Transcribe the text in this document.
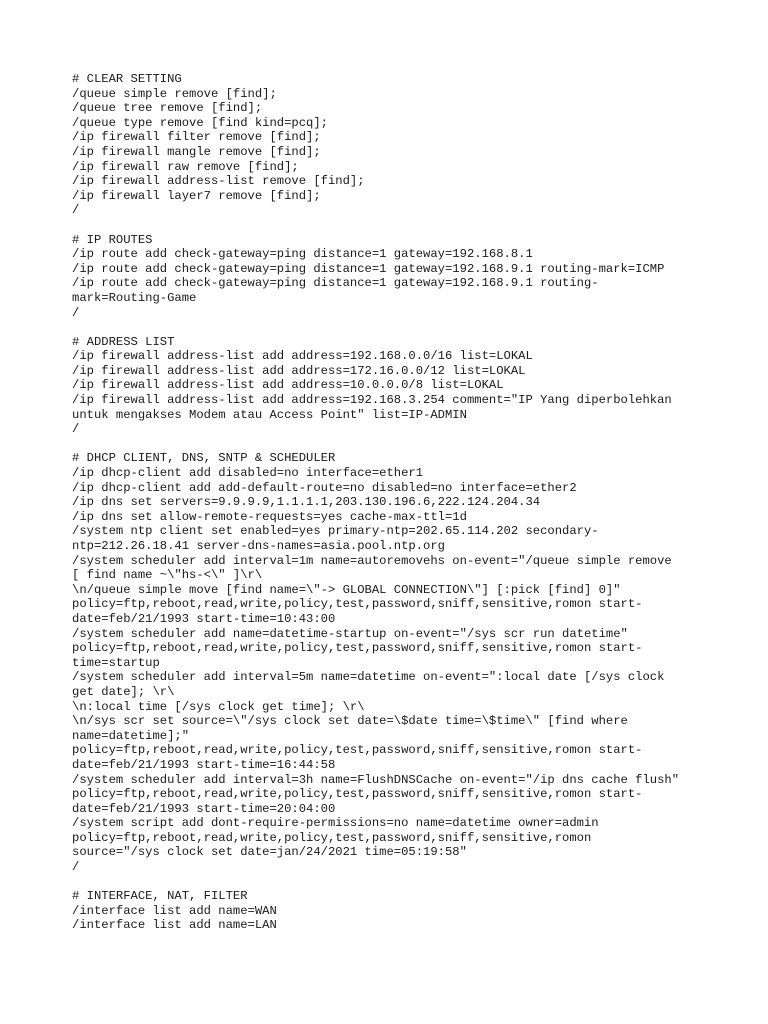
# CLEAR SETTING
/queue simple remove [find];
/queue tree remove [find];
/queue type remove [find kind=pcq];
/ip firewall filter remove [find];
/ip firewall mangle remove [find];
/ip firewall raw remove [find];
/ip firewall address-list remove [find];
/ip firewall layer7 remove [find];
/
# IP ROUTES
/ip route add check-gateway=ping distance=1 gateway=192.168.8.1
/ip route add check-gateway=ping distance=1 gateway=192.168.9.1 routing-mark=ICMP
/ip route add check-gateway=ping distance=1 gateway=192.168.9.1 routing-
mark=Routing-Game
/
# ADDRESS LIST
/ip firewall address-list add address=192.168.0.0/16 list=LOKAL
/ip firewall address-list add address=172.16.0.0/12 list=LOKAL
/ip firewall address-list add address=10.0.0.0/8 list=LOKAL
/ip firewall address-list add address=192.168.3.254 comment="IP Yang diperbolehkan
untuk mengakses Modem atau Access Point" list=IP-ADMIN
/
# DHCP CLIENT, DNS, SNTP & SCHEDULER
/ip dhcp-client add disabled=no interface=ether1
/ip dhcp-client add add-default-route=no disabled=no interface=ether2
/ip dns set servers=9.9.9.9,1.1.1.1,203.130.196.6,222.124.204.34
/ip dns set allow-remote-requests=yes cache-max-ttl=1d
/system ntp client set enabled=yes primary-ntp=202.65.114.202 secondary-
ntp=212.26.18.41 server-dns-names=asia.pool.ntp.org
/system scheduler add interval=1m name=autoremovehs on-event="/queue simple remove
[ find name ~\"hs-<\" ]\r\
\n/queue simple move [find name=\"-> GLOBAL CONNECTION\"] [:pick [find] 0]"
policy=ftp,reboot,read,write,policy,test,password,sniff,sensitive,romon start-
date=feb/21/1993 start-time=10:43:00
/system scheduler add name=datetime-startup on-event="/sys scr run datetime"
policy=ftp,reboot,read,write,policy,test,password,sniff,sensitive,romon start-
time=startup
/system scheduler add interval=5m name=datetime on-event=":local date [/sys clock
get date]; \r\
\n:local time [/sys clock get time]; \r\
\n/sys scr set source=\"/sys clock set date=\$date time=\$time\" [find where
name=datetime];"
policy=ftp,reboot,read,write,policy,test,password,sniff,sensitive,romon start-
date=feb/21/1993 start-time=16:44:58
/system scheduler add interval=3h name=FlushDNSCache on-event="/ip dns cache flush"
policy=ftp,reboot,read,write,policy,test,password,sniff,sensitive,romon start-
date=feb/21/1993 start-time=20:04:00
/system script add dont-require-permissions=no name=datetime owner=admin
policy=ftp,reboot,read,write,policy,test,password,sniff,sensitive,romon
source="/sys clock set date=jan/24/2021 time=05:19:58"
/
# INTERFACE, NAT, FILTER
/interface list add name=WAN
/interface list add name=LAN
